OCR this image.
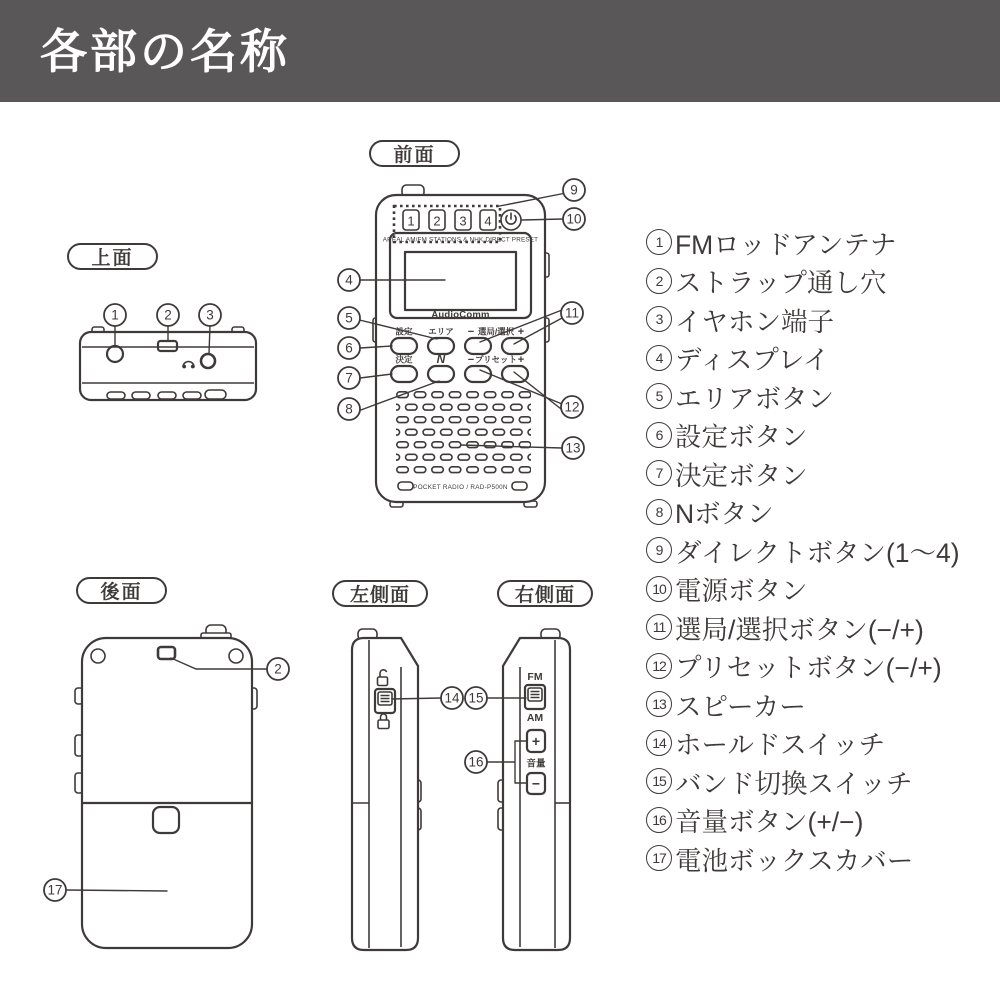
各部の名称
前面
上面
後面	左側面	右側面
1 2 3 4
AREAL AM/FM STATIONS & NHK DIRECT PRESET
AudioComm
設定 エリア − 選局/選択 +
決定 N − プリセット +
POCKET RADIO / RAD-P500N
4
5
6
7
8
9
10
11
12
13
1	2	3
2
17
14
FM
AM
+
音量
−
15
16
1 FMロッドアンテナ
2 ストラップ通し穴
3 イヤホン端子
4 ディスプレイ
5 エリアボタン
6 設定ボタン
7 決定ボタン
8 Nボタン
9 ダイレクトボタン(1～4)
10 電源ボタン
11 選局/選択ボタン(−/+)
12 プリセットボタン(−/+)
13 スピーカー
14 ホールドスイッチ
15 バンド切換スイッチ
16 音量ボタン(+/−)
17 電池ボックスカバー
